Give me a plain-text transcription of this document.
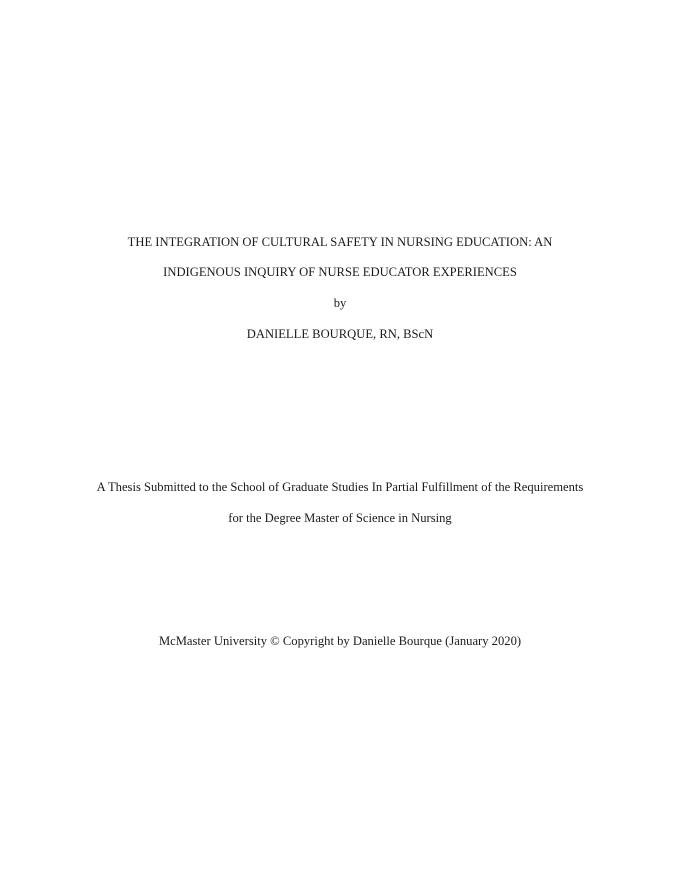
THE INTEGRATION OF CULTURAL SAFETY IN NURSING EDUCATION: AN
INDIGENOUS INQUIRY OF NURSE EDUCATOR EXPERIENCES
by
DANIELLE BOURQUE, RN, BScN
A Thesis Submitted to the School of Graduate Studies In Partial Fulfillment of the Requirements
for the Degree Master of Science in Nursing
McMaster University © Copyright by Danielle Bourque (January 2020)
